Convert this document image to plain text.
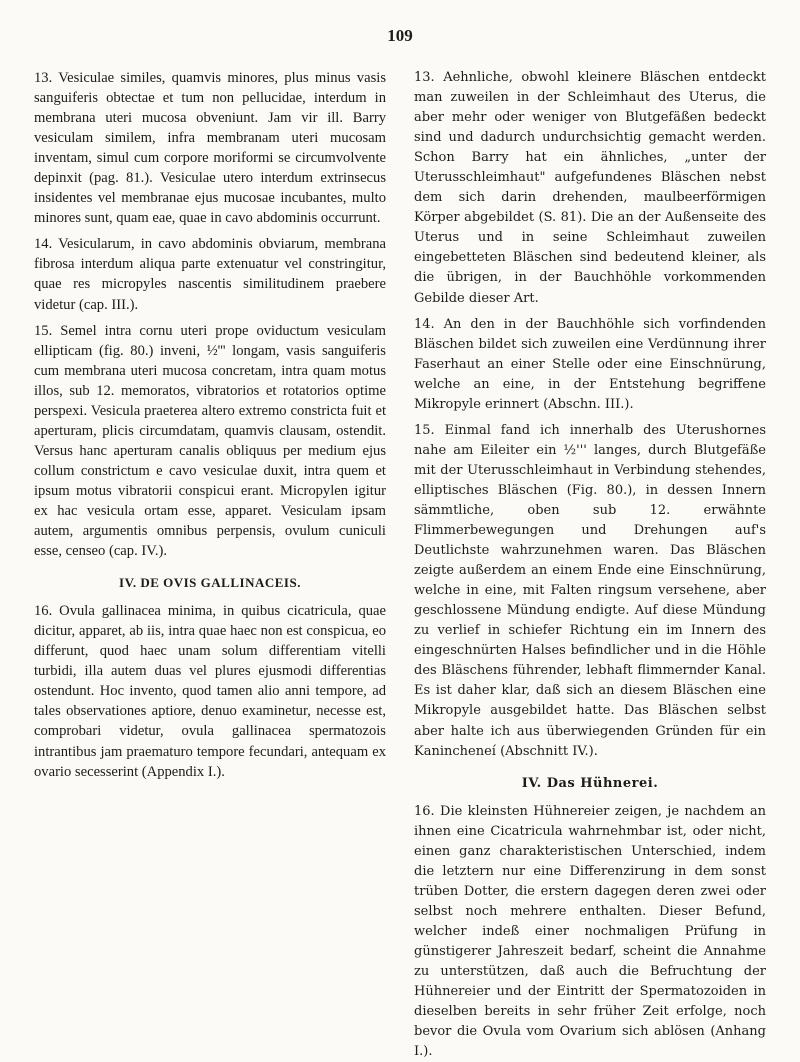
109

13. Vesiculae similes, quamvis minores, plus minus vasis sanguiferis obtectae et tum non pellucidae, interdum in membrana uteri mucosa obveniunt. Jam vir ill. Barry vesiculam similem, infra membranam uteri mucosam inventam, simul cum corpore moriformi se circumvolvente depinxit (pag. 81.). Vesiculae utero interdum extrinsecus insidentes vel membranae ejus mucosae incubantes, multo minores sunt, quam eae, quae in cavo abdominis occurrunt.

14. Vesicularum, in cavo abdominis obviarum, membrana fibrosa interdum aliqua parte extenuatur vel constringitur, quae res micropyles nascentis similitudinem praebere videtur (cap. III.).

15. Semel intra cornu uteri prope oviductum vesiculam ellipticam (fig. 80.) inveni, ½''' longam, vasis sanguiferis cum membrana uteri mucosa concretam, intra quam motus illos, sub 12. memoratos, vibratorios et rotatorios optime perspexi. Vesicula praeterea altero extremo constricta fuit et aperturam, plicis circumdatam, quamvis clausam, ostendit. Versus hanc aperturam canalis obliquus per medium ejus collum constrictum e cavo vesiculae duxit, intra quem et ipsum motus vibratorii conspicui erant. Micropylen igitur ex hac vesicula ortam esse, apparet. Vesiculam ipsam autem, argumentis omnibus perpensis, ovulum cuniculi esse, censeo (cap. IV.).

IV. DE OVIS GALLINACEIS.

16. Ovula gallinacea minima, in quibus cicatricula, quae dicitur, apparet, ab iis, intra quae haec non est conspicua, eo differunt, quod haec unam solum differentiam vitelli turbidi, illa autem duas vel plures ejusmodi differentias ostendunt. Hoc invento, quod tamen alio anni tempore, ad tales observationes aptiore, denuo examinetur, necesse est, comprobari videtur, ovula gallinacea spermatozois intrantibus jam praematuro tempore fecundari, antequam ex ovario secesserint (Appendix I.).

13. Aehnliche, obwohl kleinere Bläschen entdeckt man zuweilen in der Schleimhaut des Uterus, die aber mehr oder weniger von Blutgefäßen bedeckt sind und dadurch undurchsichtig gemacht werden. Schon Barry hat ein ähnliches, „unter der Uterusschleimhaut" aufgefundenes Bläschen nebst dem sich darin drehenden, maulbeerförmigen Körper abgebildet (S. 81). Die an der Außenseite des Uterus und in seine Schleimhaut zuweilen eingebetteten Bläschen sind bedeutend kleiner, als die übrigen, in der Bauchhöhle vorkommenden Gebilde dieser Art.

14. An den in der Bauchhöhle sich vorfindenden Bläschen bildet sich zuweilen eine Verdünnung ihrer Faserhaut an einer Stelle oder eine Einschnürung, welche an eine, in der Entstehung begriffene Mikropyle erinnert (Abschn. III.).

15. Einmal fand ich innerhalb des Uterushornes nahe am Eileiter ein ½''' langes, durch Blutgefäße mit der Uterusschleimhaut in Verbindung stehendes, elliptisches Bläschen (Fig. 80.), in dessen Innern sämmtliche, oben sub 12. erwähnte Flimmerbewegungen und Drehungen auf's Deutlichste wahrzunehmen waren. Das Bläschen zeigte außerdem an einem Ende eine Einschnürung, welche in eine, mit Falten ringsum versehene, aber geschlossene Mündung endigte. Auf diese Mündung zu verlief in schiefer Richtung ein im Innern des eingeschnürten Halses befindlicher und in die Höhle des Bläschens führender, lebhaft flimmernder Kanal. Es ist daher klar, daß sich an diesem Bläschen eine Mikropyle ausgebildet hatte. Das Bläschen selbst aber halte ich aus überwiegenden Gründen für ein Kanincheneí (Abschnitt IV.).

IV. Das Hühnerei.

16. Die kleinsten Hühnereier zeigen, je nachdem an ihnen eine Cicatricula wahrnehmbar ist, oder nicht, einen ganz charakteristischen Unterschied, indem die letztern nur eine Differenzirung in dem sonst trüben Dotter, die erstern dagegen deren zwei oder selbst noch mehrere enthalten. Dieser Befund, welcher indeß einer nochmaligen Prüfung in günstigerer Jahreszeit bedarf, scheint die Annahme zu unterstützen, daß auch die Befruchtung der Hühnereier und der Eintritt der Spermatozoiden in dieselben bereits in sehr früher Zeit erfolge, noch bevor die Ovula vom Ovarium sich ablösen (Anhang I.).
